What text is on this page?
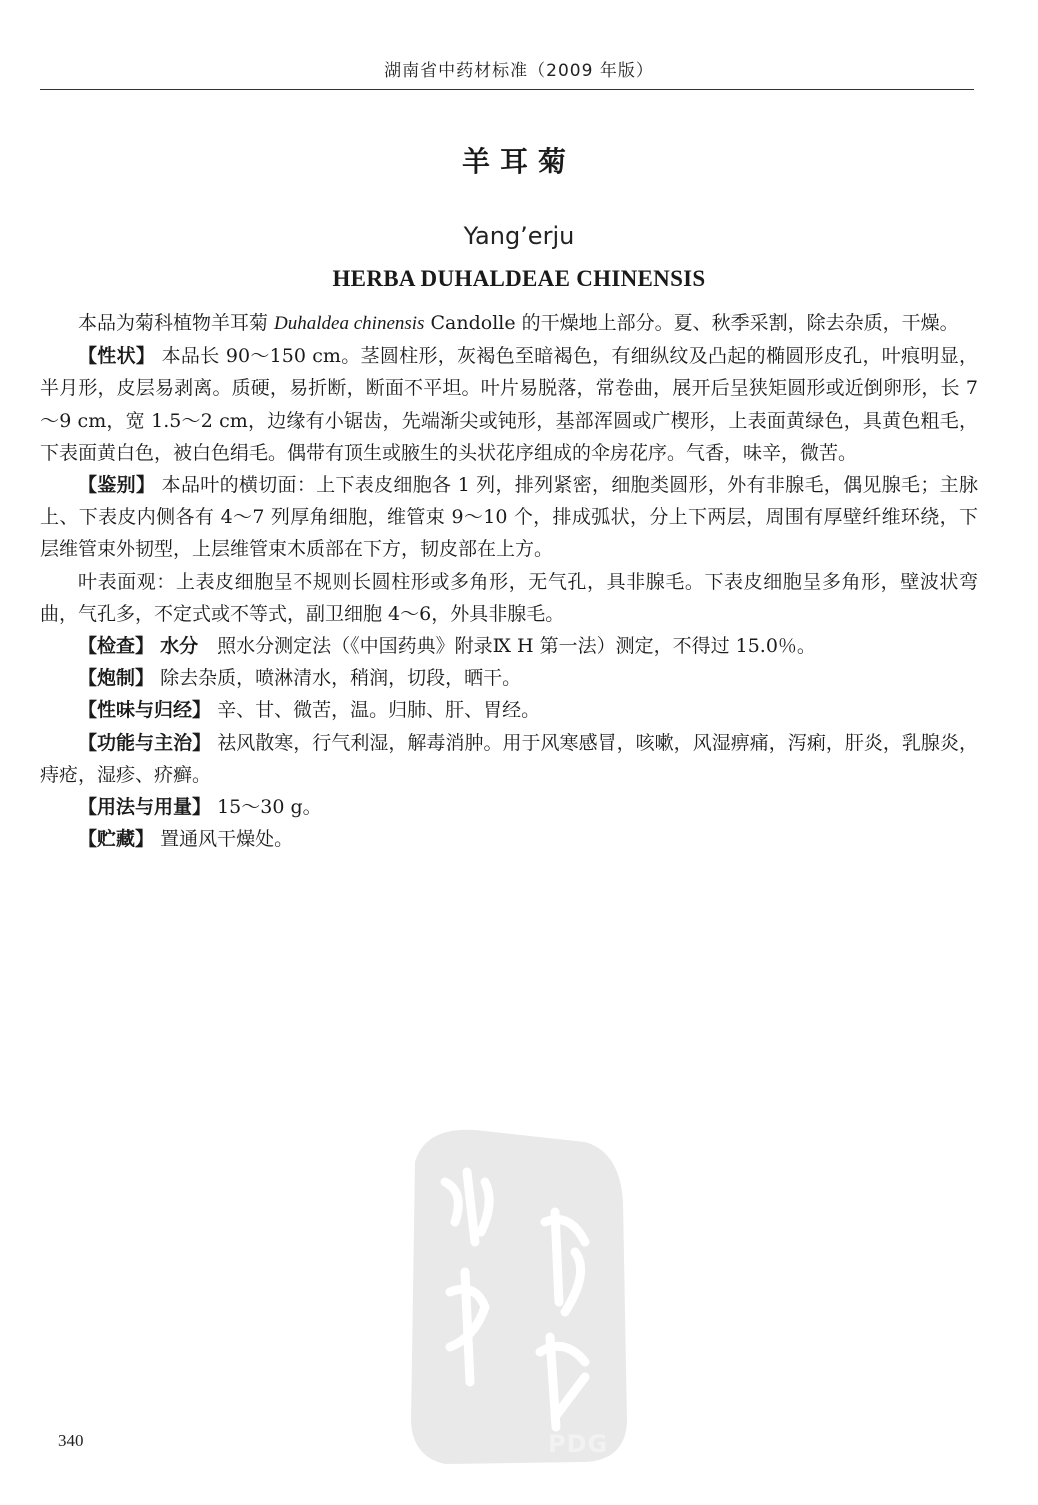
湖南省中药材标准（2009 年版）
羊耳菊
Yang’erju
HERBA DUHALDEAE CHINENSIS

本品为菊科植物羊耳菊 Duhaldea chinensis Candolle 的干燥地上部分。夏、秋季采割，除去杂质，干燥。

【性状】 本品长 90～150 cm。茎圆柱形，灰褐色至暗褐色，有细纵纹及凸起的椭圆形皮孔，叶痕明显，半月形，皮层易剥离。质硬，易折断，断面不平坦。叶片易脱落，常卷曲，展开后呈狭矩圆形或近倒卵形，长 7～9 cm，宽 1.5～2 cm，边缘有小锯齿，先端渐尖或钝形，基部浑圆或广楔形，上表面黄绿色，具黄色粗毛，下表面黄白色，被白色绢毛。偶带有顶生或腋生的头状花序组成的伞房花序。气香，味辛，微苦。

【鉴别】 本品叶的横切面：上下表皮细胞各 1 列，排列紧密，细胞类圆形，外有非腺毛，偶见腺毛；主脉上、下表皮内侧各有 4～7 列厚角细胞，维管束 9～10 个，排成弧状，分上下两层，周围有厚壁纤维环绕，下层维管束外韧型，上层维管束木质部在下方，韧皮部在上方。

叶表面观：上表皮细胞呈不规则长圆柱形或多角形，无气孔，具非腺毛。下表皮细胞呈多角形，壁波状弯曲，气孔多，不定式或不等式，副卫细胞 4～6，外具非腺毛。

【检查】 水分　 照水分测定法（《中国药典》附录Ⅸ H 第一法）测定，不得过 15.0％。

【炮制】 除去杂质，喷淋清水，稍润，切段，晒干。

【性味与归经】 辛、甘、微苦，温。归肺、肝、胃经。

【功能与主治】 祛风散寒，行气利湿，解毒消肿。用于风寒感冒，咳嗽，风湿痹痛，泻痢，肝炎，乳腺炎，痔疮，湿疹、疥癣。

【用法与用量】 15～30 g。

【贮藏】 置通风干燥处。

PDG
340
